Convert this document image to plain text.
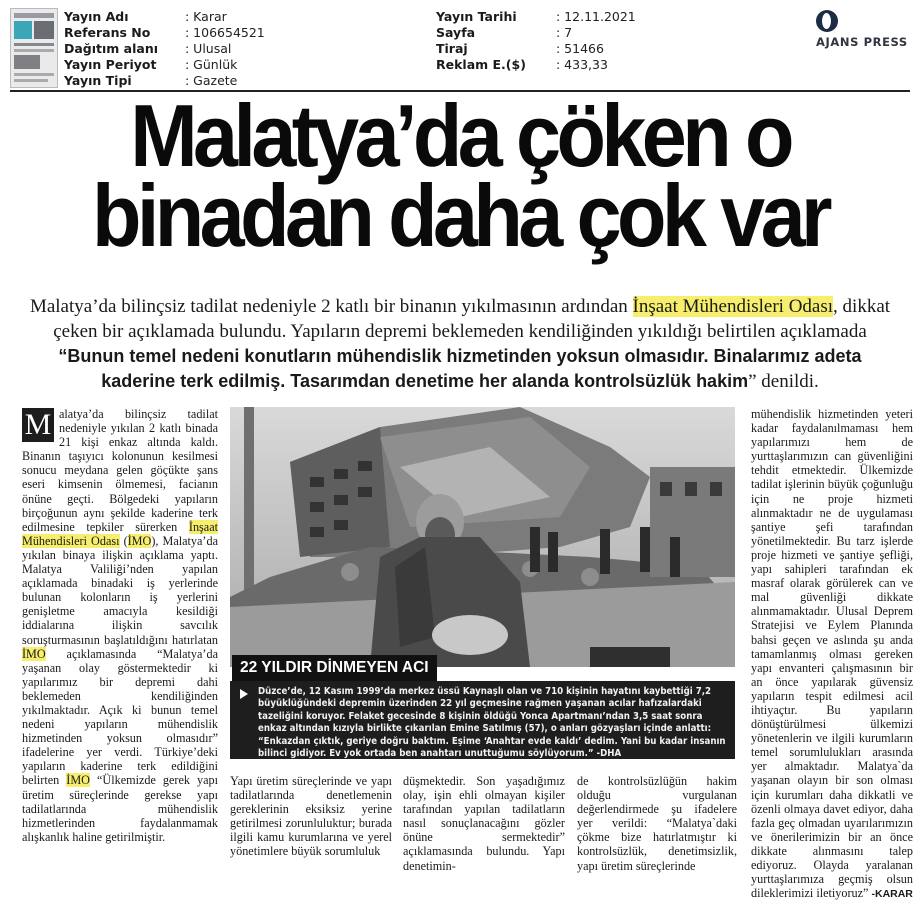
Yayın Adı	: Karar
Referans No	: 106654521
Dağıtım alanı : Ulusal
Yayın Periyot : Günlük
Yayın Tipi	: Gazete
Yayın Tarihi	: 12.11.2021
Sayfa	: 7
Tiraj	: 51466
Reklam E.($) : 433,33
AJANS PRESS
Malatya’da çöken o
binadan daha çok var

Malatya’da bilinçsiz tadilat nedeniyle 2 katlı bir binanın yıkılmasının ardından İnşaat Mühendisleri Odası, dikkat çeken bir açıklamada bulundu. Yapıların depremi beklemeden kendiliğinden yıkıldığı belirtilen açıklamada “Bunun temel nedeni konutların mühendislik hizmetinden yoksun olmasıdır. Binalarımız adeta kaderine terk edilmiş. Tasarımdan denetime her alanda kontrolsüzlük hakim” denildi.

M alatya’da bilinçsiz tadilat nedeniyle yıkılan 2 katlı binada 21 kişi enkaz altında kaldı. Binanın taşıyıcı kolonunun kesilmesi sonucu meydana gelen göçükte şans eseri kimsenin ölmemesi, facianın önüne geçti. Bölgedeki yapıların birçoğunun aynı şekilde kaderine terk edilmesine tepkiler sürerken İnşaat Mühendisleri Odası (İMO), Malatya’da yıkılan binaya ilişkin açıklama yaptı. Malatya Valiliği’nden yapılan açıklamada binadaki iş yerlerinde bulunan kolonların iş yerlerini genişletme amacıyla kesildiği iddialarına ilişkin savcılık soruşturmasının başlatıldığını hatırlatan İMO açıklamasında “Malatya’da yaşanan olay göstermektedir ki yapılarımız bir depremi dahi beklemeden kendiliğinden yıkılmaktadır. Açık ki bunun temel nedeni yapıların mühendislik hizmetinden yoksun olmasıdır” ifadelerine yer verdi. Türkiye’deki yapıların kaderine terk edildiğini belirten İMO “Ülkemizde gerek yapı üretim süreçlerinde gerekse yapı tadilatlarında mühendislik hizmetlerinden faydalanmamak alışkanlık haline getirilmiştir.
22 YILDIR DİNMEYEN ACI
Düzce’de, 12 Kasım 1999’da merkez üssü Kaynaşlı olan ve 710 kişinin hayatını kaybettiği 7,2 büyüklüğündeki depremin üzerinden 22 yıl geçmesine rağmen yaşanan acılar hafızalardaki tazeliğini koruyor. Felaket gecesinde 8 kişinin öldüğü Yonca Apartmanı’ndan 3,5 saat sonra enkaz altından kızıyla birlikte çıkarılan Emine Satılmış (57), o anları gözyaşları içinde anlattı: “Enkazdan çıktık, geriye doğru baktım. Eşime ‘Anahtar evde kaldı’ dedim. Yani bu kadar insanın bilinci gidiyor. Ev yok ortada ben anahtarı unuttuğumu söylüyorum.” -DHA
Yapı üretim süreçlerinde ve yapı tadilatlarında denetlemenin gereklerinin eksiksiz yerine getirilmesi zorunluluktur; burada ilgili kamu kurumlarına ve yerel yönetimlere büyük sorumluluk
düşmektedir. Son yaşadığımız olay, işin ehli olmayan kişiler tarafından yapılan tadilatların nasıl sonuçlanacağını gözler önüne sermektedir” açıklamasında bulundu. Yapı denetimin-
de kontrolsüzlüğün hakim olduğu vurgulanan değerlendirmede şu ifadelere yer verildi: “Malatya`daki çökme bize hatırlatmıştır ki kontrolsüzlük, denetimsizlik, yapı üretim süreçlerinde
mühendislik hizmetinden yeteri kadar faydalanılmaması hem yapılarımızı hem de yurttaşlarımızın can güvenliğini tehdit etmektedir. Ülkemizde tadilat işlerinin büyük çoğunluğu için ne proje hizmeti alınmaktadır ne de uygulaması şantiye şefi tarafından yönetilmektedir. Bu tarz işlerde proje hizmeti ve şantiye şefliği, yapı sahipleri tarafından ek masraf olarak görülerek can ve mal güvenliği dikkate alınmamaktadır. Ulusal Deprem Stratejisi ve Eylem Planında bahsi geçen ve aslında şu anda tamamlanmış olması gereken yapı envanteri çalışmasının bir an önce yapılarak güvensiz yapıların tespit edilmesi acil ihtiyaçtır. Bu yapıların dönüştürülmesi ülkemizi yönetenlerin ve ilgili kurumların temel sorumlulukları arasında yer almaktadır. Malatya`da yaşanan olayın bir son olması için kurumları daha dikkatli ve özenli olmaya davet ediyor, daha fazla geç olmadan uyarılarımızın ve önerilerimizin bir an önce dikkate alınmasını talep ediyoruz. Olayda yaralanan yurttaşlarımıza geçmiş olsun dileklerimizi iletiyoruz” -KARAR
